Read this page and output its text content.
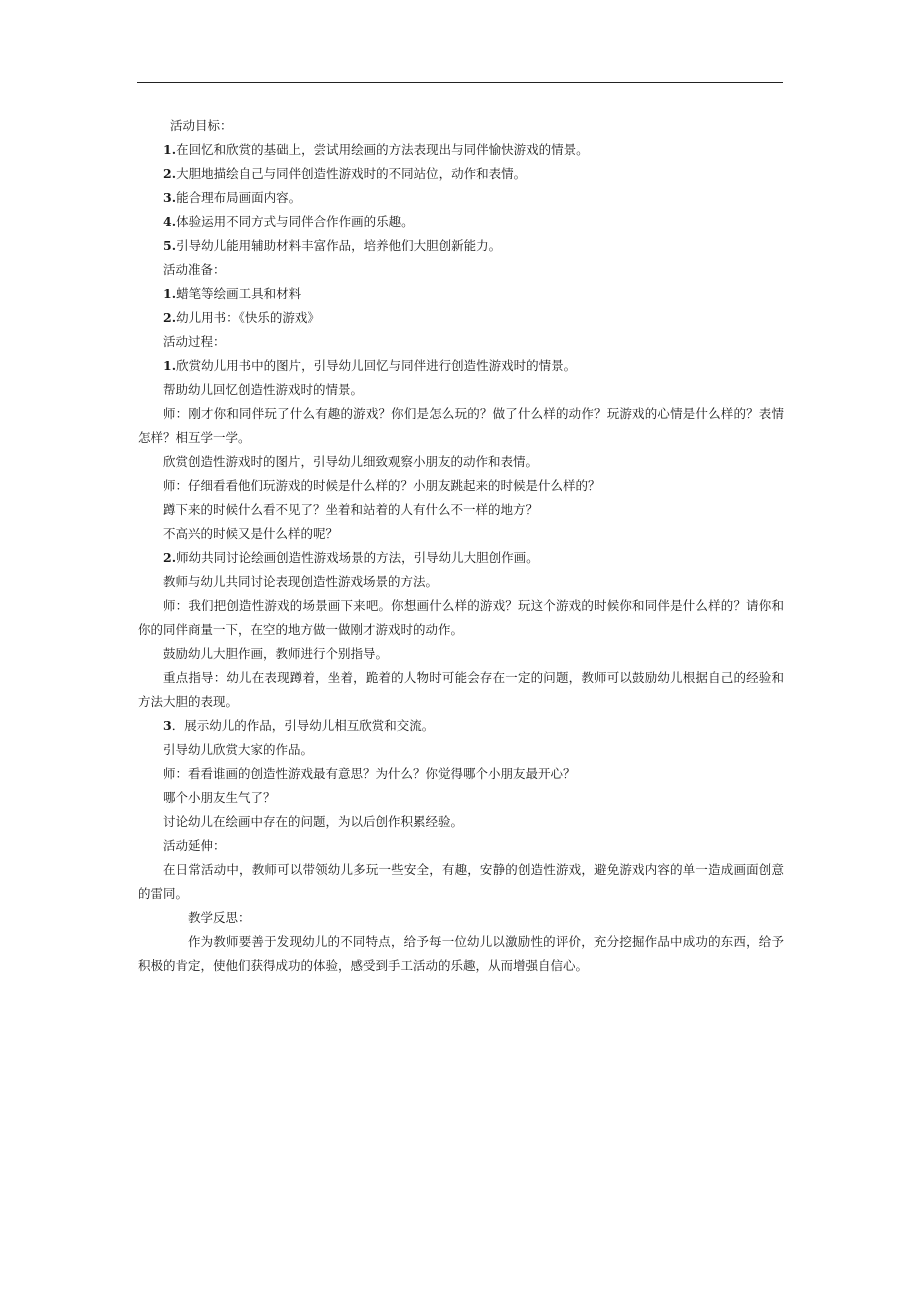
活动目标：
1.在回忆和欣赏的基础上，尝试用绘画的方法表现出与同伴愉快游戏的情景。
2.大胆地描绘自己与同伴创造性游戏时的不同站位，动作和表情。
3.能合理布局画面内容。
4.体验运用不同方式与同伴合作作画的乐趣。
5.引导幼儿能用辅助材料丰富作品，培养他们大胆创新能力。
活动准备：
1.蜡笔等绘画工具和材料
2.幼儿用书：《快乐的游戏》
活动过程：
1.欣赏幼儿用书中的图片，引导幼儿回忆与同伴进行创造性游戏时的情景。
帮助幼儿回忆创造性游戏时的情景。
师：刚才你和同伴玩了什么有趣的游戏？你们是怎么玩的？做了什么样的动作？玩游戏的心情是什么样的？表情怎样？相互学一学。
欣赏创造性游戏时的图片，引导幼儿细致观察小朋友的动作和表情。
师：仔细看看他们玩游戏的时候是什么样的？小朋友跳起来的时候是什么样的？
蹲下来的时候什么看不见了？坐着和站着的人有什么不一样的地方？
不高兴的时候又是什么样的呢？
2.师幼共同讨论绘画创造性游戏场景的方法，引导幼儿大胆创作画。
教师与幼儿共同讨论表现创造性游戏场景的方法。
师：我们把创造性游戏的场景画下来吧。你想画什么样的游戏？玩这个游戏的时候你和同伴是什么样的？请你和你的同伴商量一下，在空的地方做一做刚才游戏时的动作。
鼓励幼儿大胆作画，教师进行个别指导。
重点指导：幼儿在表现蹲着，坐着，跪着的人物时可能会存在一定的问题，教师可以鼓励幼儿根据自己的经验和方法大胆的表现。
3．展示幼儿的作品，引导幼儿相互欣赏和交流。
引导幼儿欣赏大家的作品。
师：看看谁画的创造性游戏最有意思？为什么？你觉得哪个小朋友最开心？
哪个小朋友生气了？
讨论幼儿在绘画中存在的问题，为以后创作积累经验。
活动延伸：
在日常活动中，教师可以带领幼儿多玩一些安全，有趣，安静的创造性游戏，避免游戏内容的单一造成画面创意的雷同。
教学反思：
作为教师要善于发现幼儿的不同特点，给予每一位幼儿以激励性的评价，充分挖掘作品中成功的东西，给予积极的肯定，使他们获得成功的体验，感受到手工活动的乐趣，从而增强自信心。
